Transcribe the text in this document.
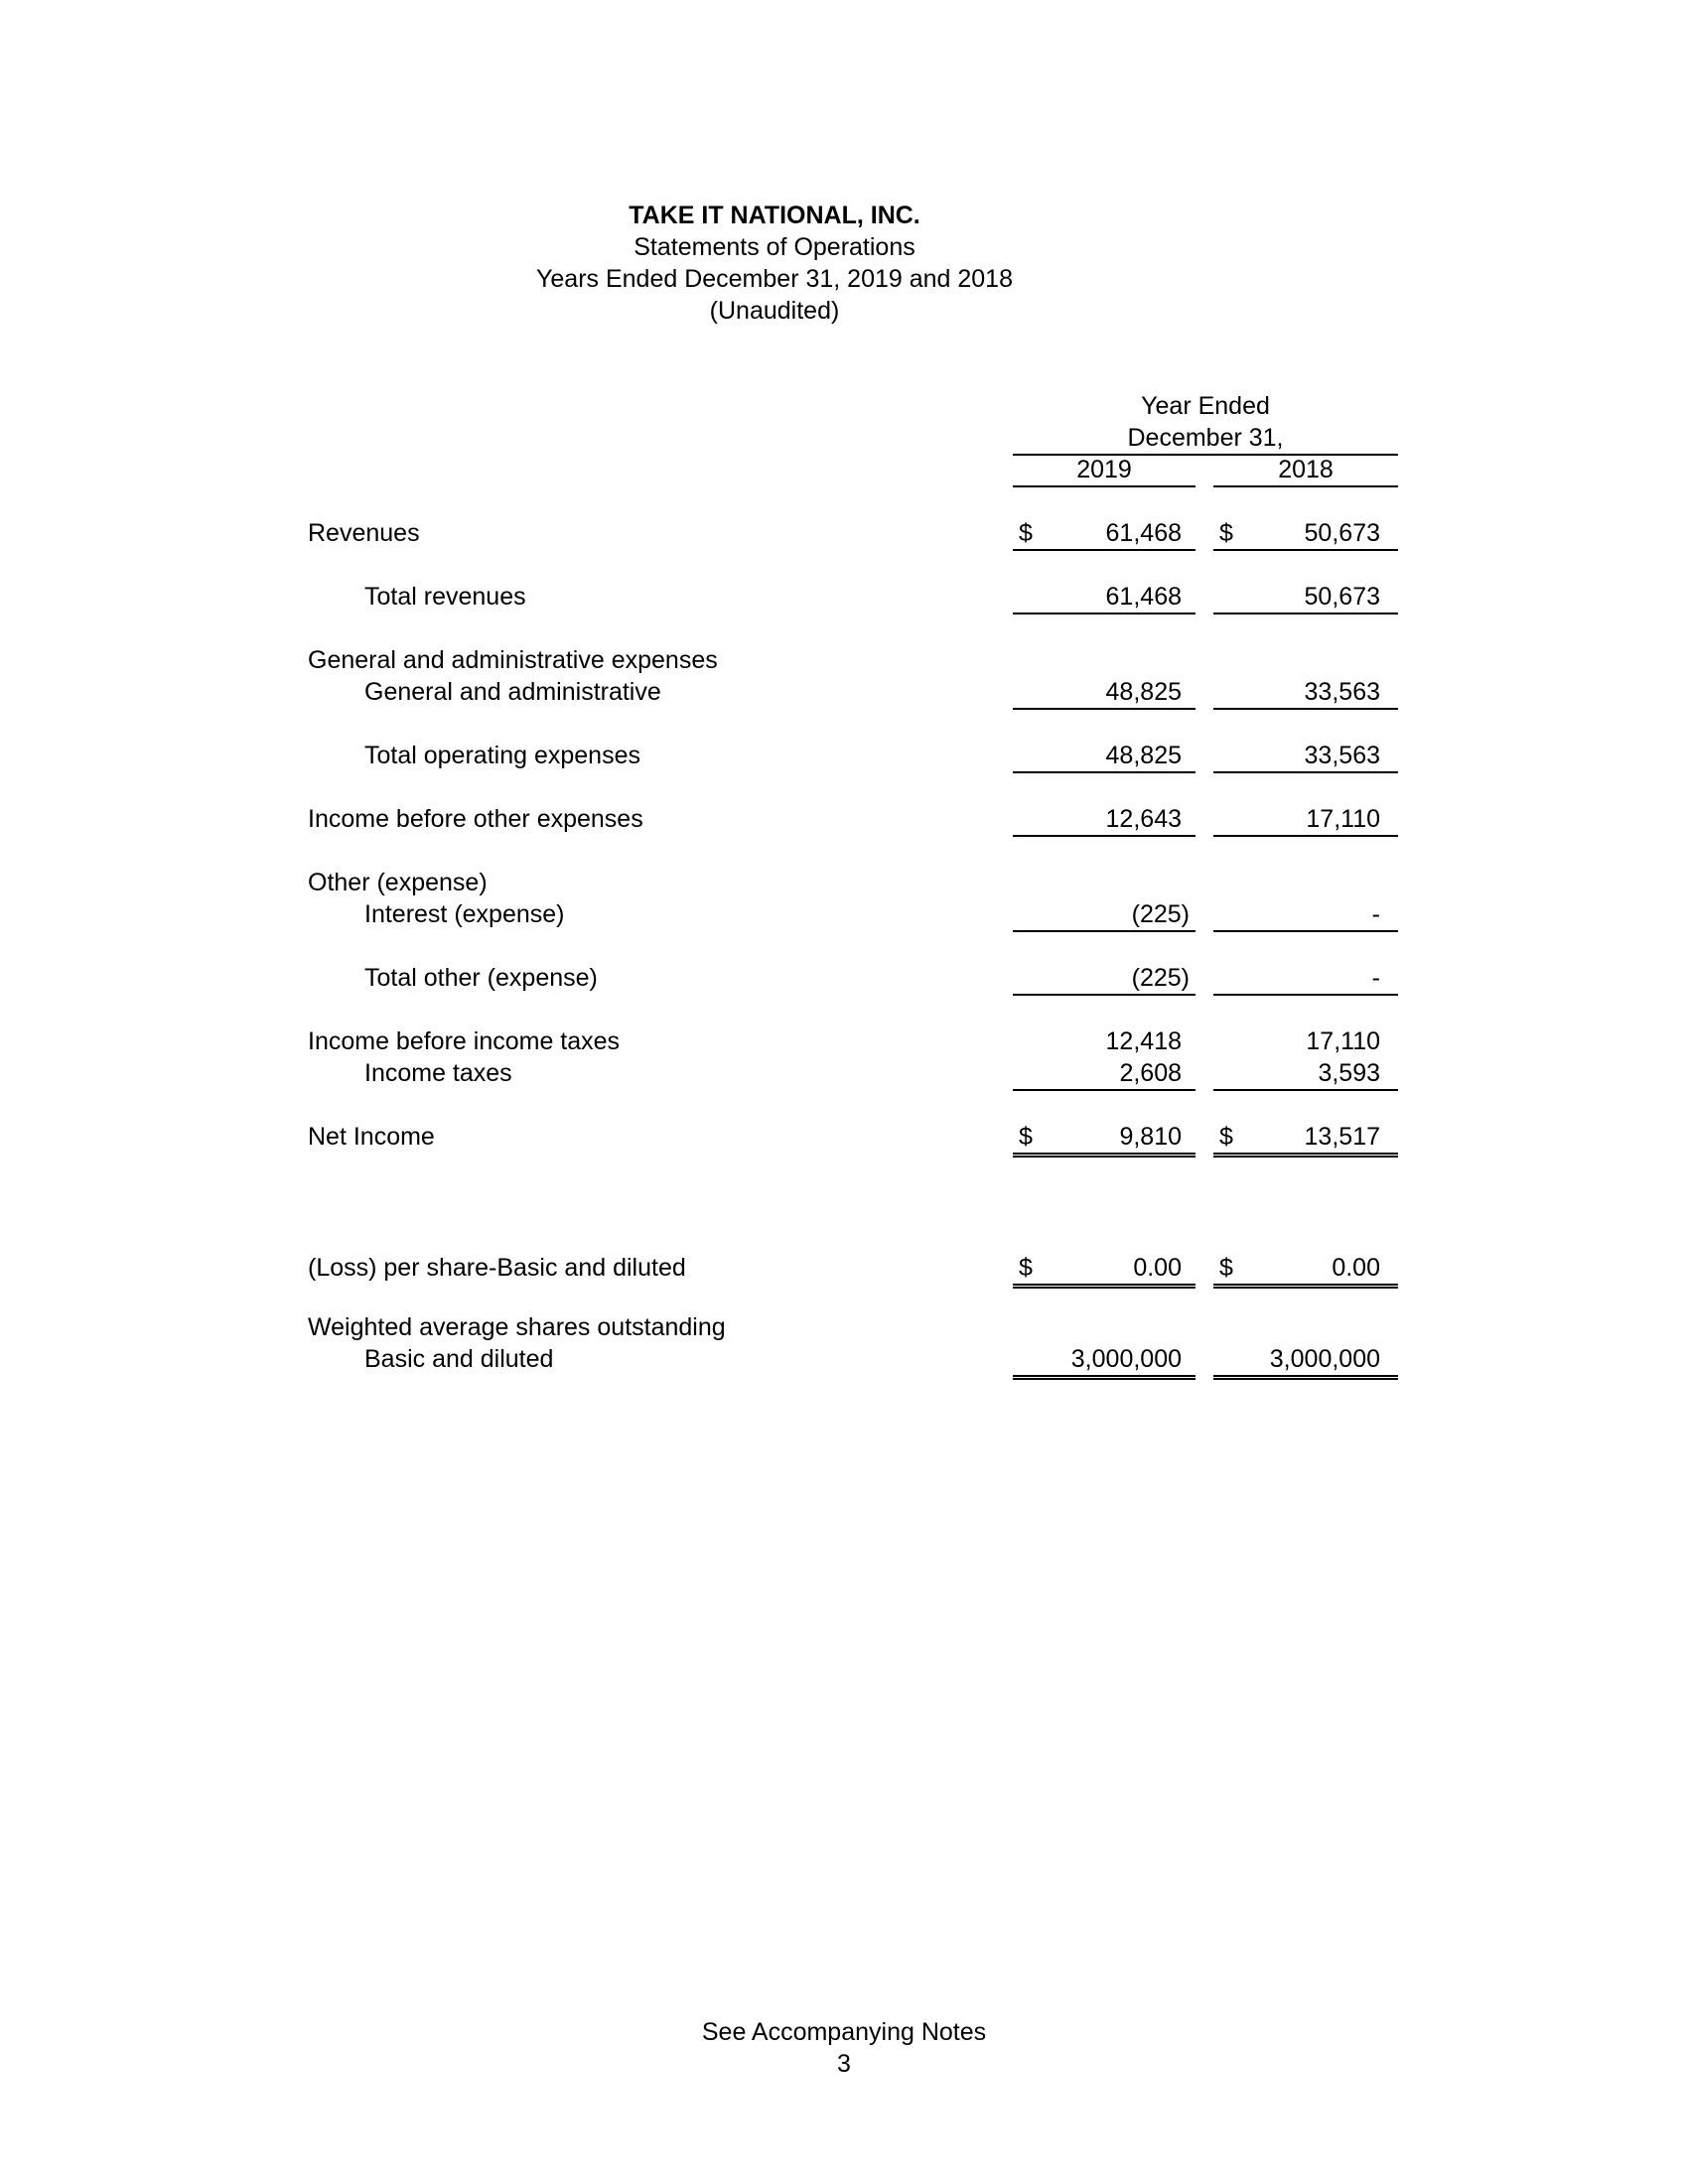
TAKE IT NATIONAL, INC.
Statements of Operations
Years Ended December 31, 2019 and 2018
(Unaudited)
Year Ended
December 31,
2019	2018
Revenues	$	61,468 $	50,673
Total revenues	61,468	50,673
General and administrative expenses
General and administrative	48,825	33,563
Total operating expenses	48,825	33,563
Income before other expenses	12,643	17,110
Other (expense)
Interest (expense)	(225)	-
Total other (expense)	(225)	-
Income before income taxes	12,418	17,110
Income taxes	2,608	3,593
Net Income	$	9,810 $	13,517
(Loss) per share-Basic and diluted	$	0.00 $	0.00
Weighted average shares outstanding
Basic and diluted	3,000,000	3,000,000
See Accompanying Notes
3
